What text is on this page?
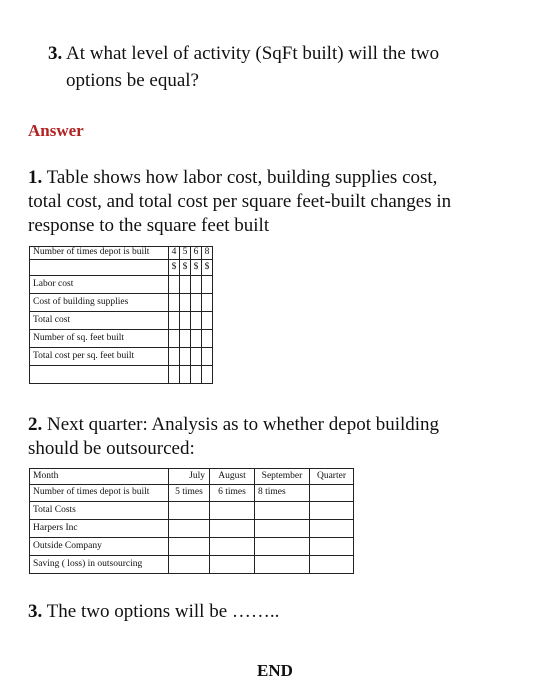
3. At what level of activity (SqFt built) will the two
options be equal?
Answer
1. Table shows how labor cost, building supplies cost,
total cost, and total cost per square feet-built changes in
response to the square feet built
Number of times depot is built	4	5	6	8
	$	$	$	$
Labor cost				
Cost of building supplies				
Total cost				
Number of sq. feet built				
Total cost per sq. feet built				

2. Next quarter: Analysis as to whether depot building
should be outsourced:
Month	July	August	September	Quarter
Number of times depot is built	5 times	6 times	8 times	
Total Costs				
Harpers Inc				
Outside Company				
Saving ( loss) in outsourcing				
3. The two options will be ……..
END
